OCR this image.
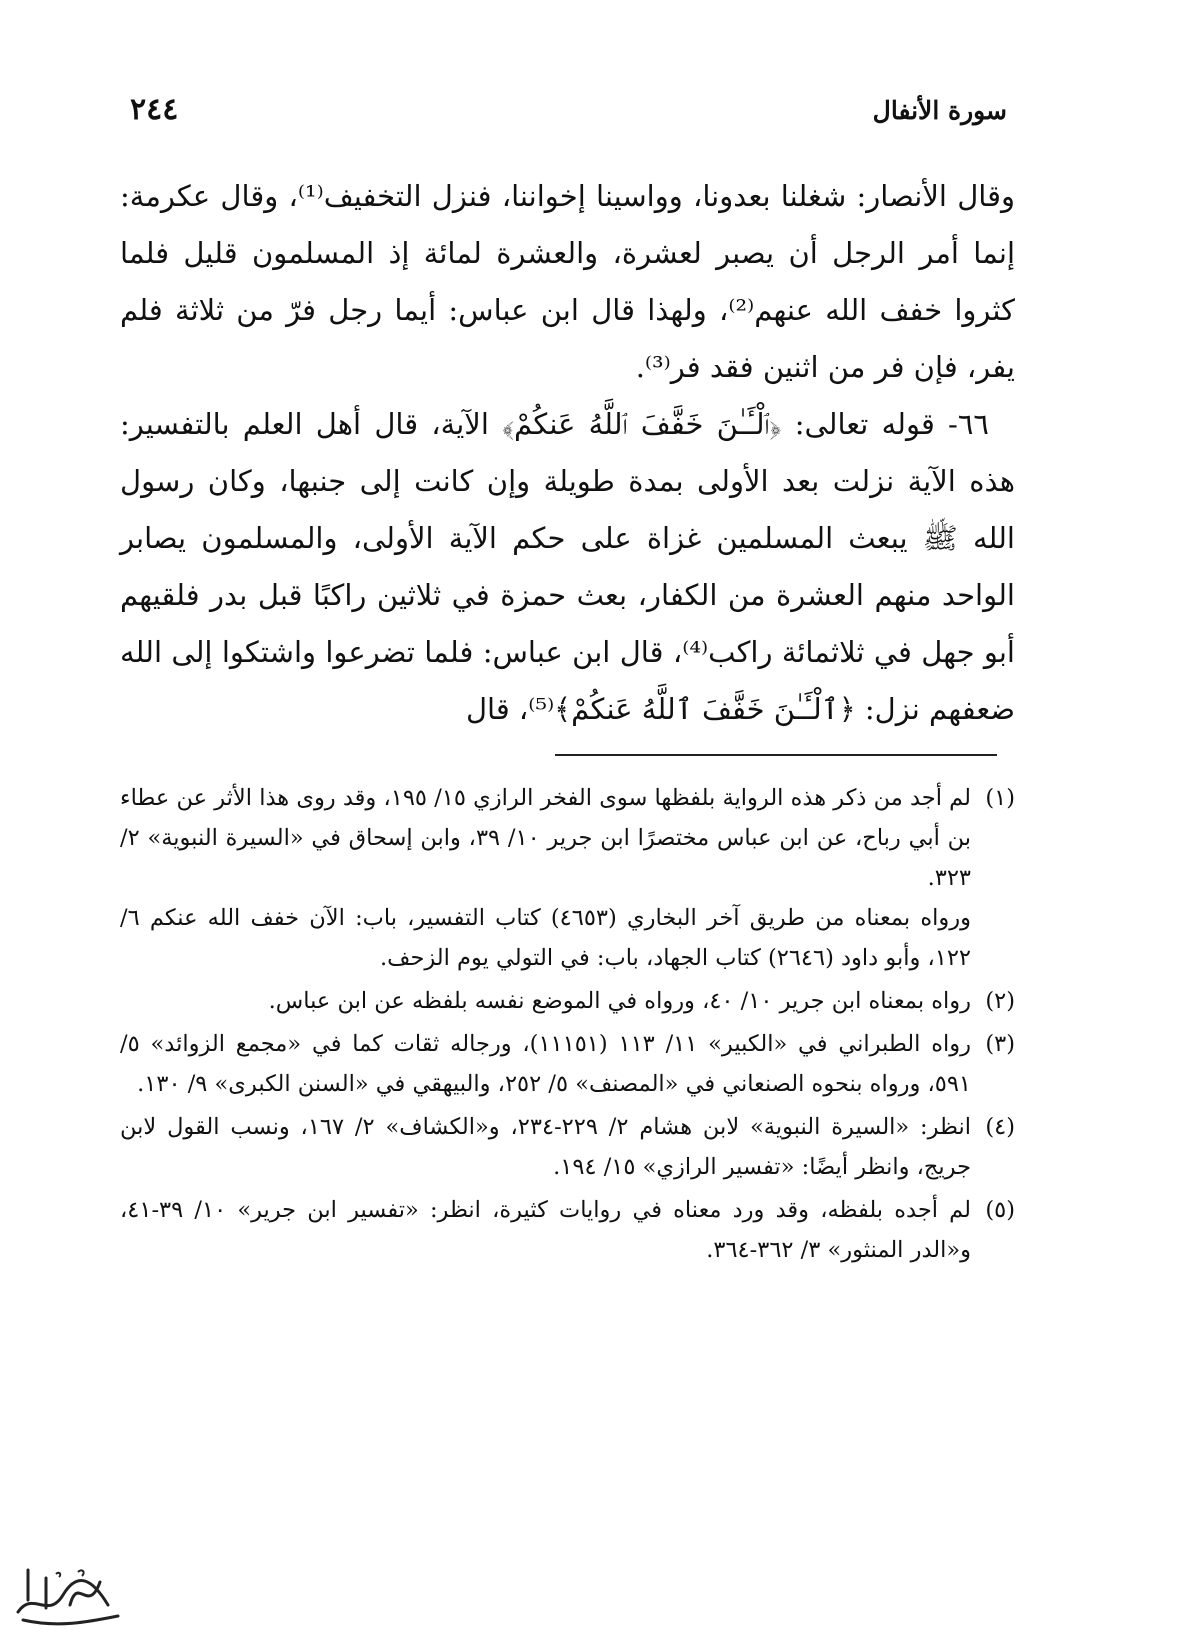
سورة الأنفال
٢٤٤

وقال الأنصار: شغلنا بعدونا، وواسينا إخواننا، فنزل التخفيف⁽¹⁾، وقال عكرمة: إنما أمر الرجل أن يصبر لعشرة، والعشرة لمائة إذ المسلمون قليل فلما كثروا خفف الله عنهم⁽²⁾، ولهذا قال ابن عباس: أيما رجل فرّ من ثلاثة فلم يفر، فإن فر من اثنين فقد فر⁽³⁾.

٦٦- قوله تعالى: ﴿ٱلْـَٔـٰنَ خَفَّفَ ٱللَّهُ عَنكُمْ﴾ الآية، قال أهل العلم بالتفسير: هذه الآية نزلت بعد الأولى بمدة طويلة وإن كانت إلى جنبها، وكان رسول الله ﷺ يبعث المسلمين غزاة على حكم الآية الأولى، والمسلمون يصابر الواحد منهم العشرة من الكفار، بعث حمزة في ثلاثين راكبًا قبل بدر فلقيهم أبو جهل في ثلاثمائة راكب⁽⁴⁾، قال ابن عباس: فلما تضرعوا واشتكوا إلى الله ضعفهم نزل: ﴿ٱلْـَٔـٰنَ خَفَّفَ ٱللَّهُ عَنكُمْ﴾⁽⁵⁾، قال

(١)

لم أجد من ذكر هذه الرواية بلفظها سوى الفخر الرازي ١٥/ ١٩٥، وقد روى هذا الأثر عن عطاء بن أبي رباح، عن ابن عباس مختصرًا ابن جرير ١٠/ ٣٩، وابن إسحاق في «السيرة النبوية» ٢/ ٣٢٣.

ورواه بمعناه من طريق آخر البخاري (٤٦٥٣) كتاب التفسير، باب: الآن خفف الله عنكم ٦/ ١٢٢، وأبو داود (٢٦٤٦) كتاب الجهاد، باب: في التولي يوم الزحف.

(٢)

رواه بمعناه ابن جرير ١٠/ ٤٠، ورواه في الموضع نفسه بلفظه عن ابن عباس.

(٣)

رواه الطبراني في «الكبير» ١١/ ١١٣ (١١١٥١)، ورجاله ثقات كما في «مجمع الزوائد» ٥/ ٥٩١، ورواه بنحوه الصنعاني في «المصنف» ٥/ ٢٥٢، والبيهقي في «السنن الكبرى» ٩/ ١٣٠.

(٤)

انظر: «السيرة النبوية» لابن هشام ٢/ ٢٢٩-٢٣٤، و«الكشاف» ٢/ ١٦٧، ونسب القول لابن جريج، وانظر أيضًا: «تفسير الرازي» ١٥/ ١٩٤.

(٥)

لم أجده بلفظه، وقد ورد معناه في روايات كثيرة، انظر: «تفسير ابن جرير» ١٠/ ٣٩-٤١، و«الدر المنثور» ٣/ ٣٦٢-٣٦٤.
